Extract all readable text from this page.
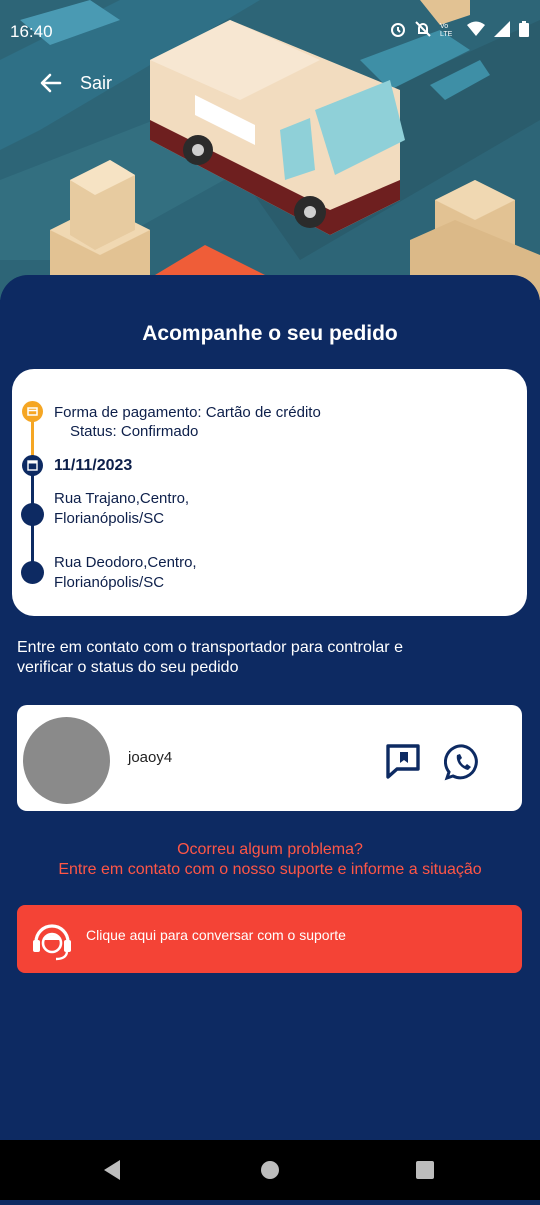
16:40	Vo
LTE
Sair
Acompanhe o seu pedido
Forma de pagamento: Cartão de crédito
Status: Confirmado
11/11/2023
Rua Trajano,Centro,
Florianópolis/SC
Rua Deodoro,Centro,
Florianópolis/SC
Entre em contato com o transportador para controlar e
verificar o status do seu pedido
joaoy4
Ocorreu algum problema?
Entre em contato com o nosso suporte e informe a situação
Clique aqui para conversar com o suporte
